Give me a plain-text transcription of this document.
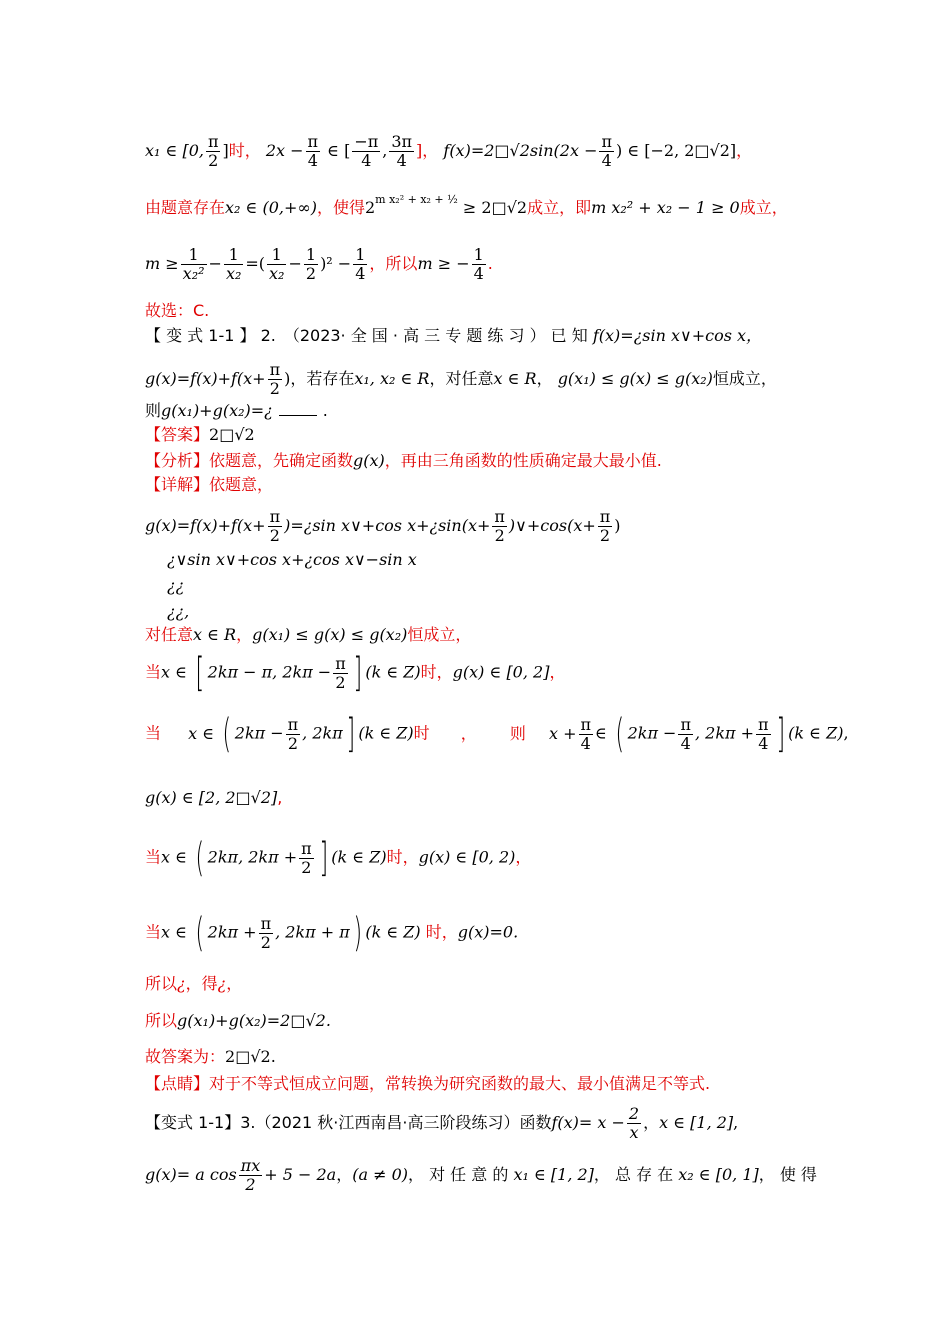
x₁ ∈ [0, $\frac{\pi}{2}$ ]时， $2x - \frac{\pi}{4}$ ∈ [ $\frac{-\pi}{4}$ , $\frac{3\pi}{4}$ ]， f(x)=2□√2sin(2x − $\frac{\pi}{4}$ ) ∈ [−2, 2□√2]，
由题意存在x₂ ∈ (0,+∞)，使得$2^{m x_2^2 + x_2 + \frac{1}{2}}$ ≥ 2□√2成立，即m x₂² + x₂ − 1 ≥ 0成立，
$m \ge \frac{1}{\text{x₂²}} - \frac{1}{\text{x₂}}$ =( $\frac{1}{\text{x₂}} - \frac{1}{2} )^2 - \frac{1}{4}$ ，所以m ≥ − $\frac{1}{4}$ .
故选：C.
【 变 式 1-1 】 2.　（2023· 全 国 · 高 三 专 题 练 习 ） 已 知 f(x)=¿sin x∨+cos x，
$g(x)=f(x)+f(x+ \frac{\pi}{2}$ )，若存在x₁, x₂ ∈ R，对任意x ∈ R， g(x₁) ≤ g(x) ≤ g(x₂)恒成立，
则g(x₁)+g(x₂)=¿	.
【答案】2□√2
【分析】依题意，先确定函数g(x)，再由三角函数的性质确定最大最小值.
【详解】依题意，
$g(x)=f(x)+f(x+ \frac{\pi}{2}$ )=¿sin x∨+cos x+¿sin(x+ $\frac{\pi}{2}$ )∨+cos(x+ $\frac{\pi}{2}$ )
¿∨sin x∨+cos x+¿cos x∨−sin x
¿¿
¿¿,
对任意x ∈ R，g(x₁) ≤ g(x) ≤ g(x₂)恒成立，
当x ∈ [ 2kπ − π, $2k\pi - \frac{\pi}{2}$ ] (k ∈ Z)时，g(x) ∈ [0, 2]，
当 x ∈ ( $2k\pi - \frac{\pi}{2}$ , 2kπ] (k ∈ Z)时 ， 则 $x + \frac{\pi}{4}$ ∈ ( $2k\pi - \frac{\pi}{4}$ , $2k\pi + \frac{\pi}{4}$ ] (k ∈ Z),
g(x) ∈ [2, 2□√2],
当x ∈ ( 2kπ, $2k\pi + \frac{\pi}{2}$ ] (k ∈ Z)时，g(x) ∈ [0, 2)，
当x ∈ ( $2k\pi + \frac{\pi}{2}$ , 2kπ + π) (k ∈ Z) 时，g(x)=0.
所以¿，得¿，
所以g(x₁)+g(x₂)=2□√2.
故答案为：2□√2.
【点睛】对于不等式恒成立问题，常转换为研究函数的最大、最小值满足不等式.
【变式 1-1】3.（2021 秋·江西南昌·高三阶段练习）函数$f(x)= x - \frac{2}{x}$ ，x ∈ [1, 2],
g(x)= a $\cos \frac{\pi x}{2} + 5 - 2a$，(a ≠ 0)， 对 任 意 的 x₁ ∈ [1, 2]， 总 存 在 x₂ ∈ [0, 1]， 使 得
